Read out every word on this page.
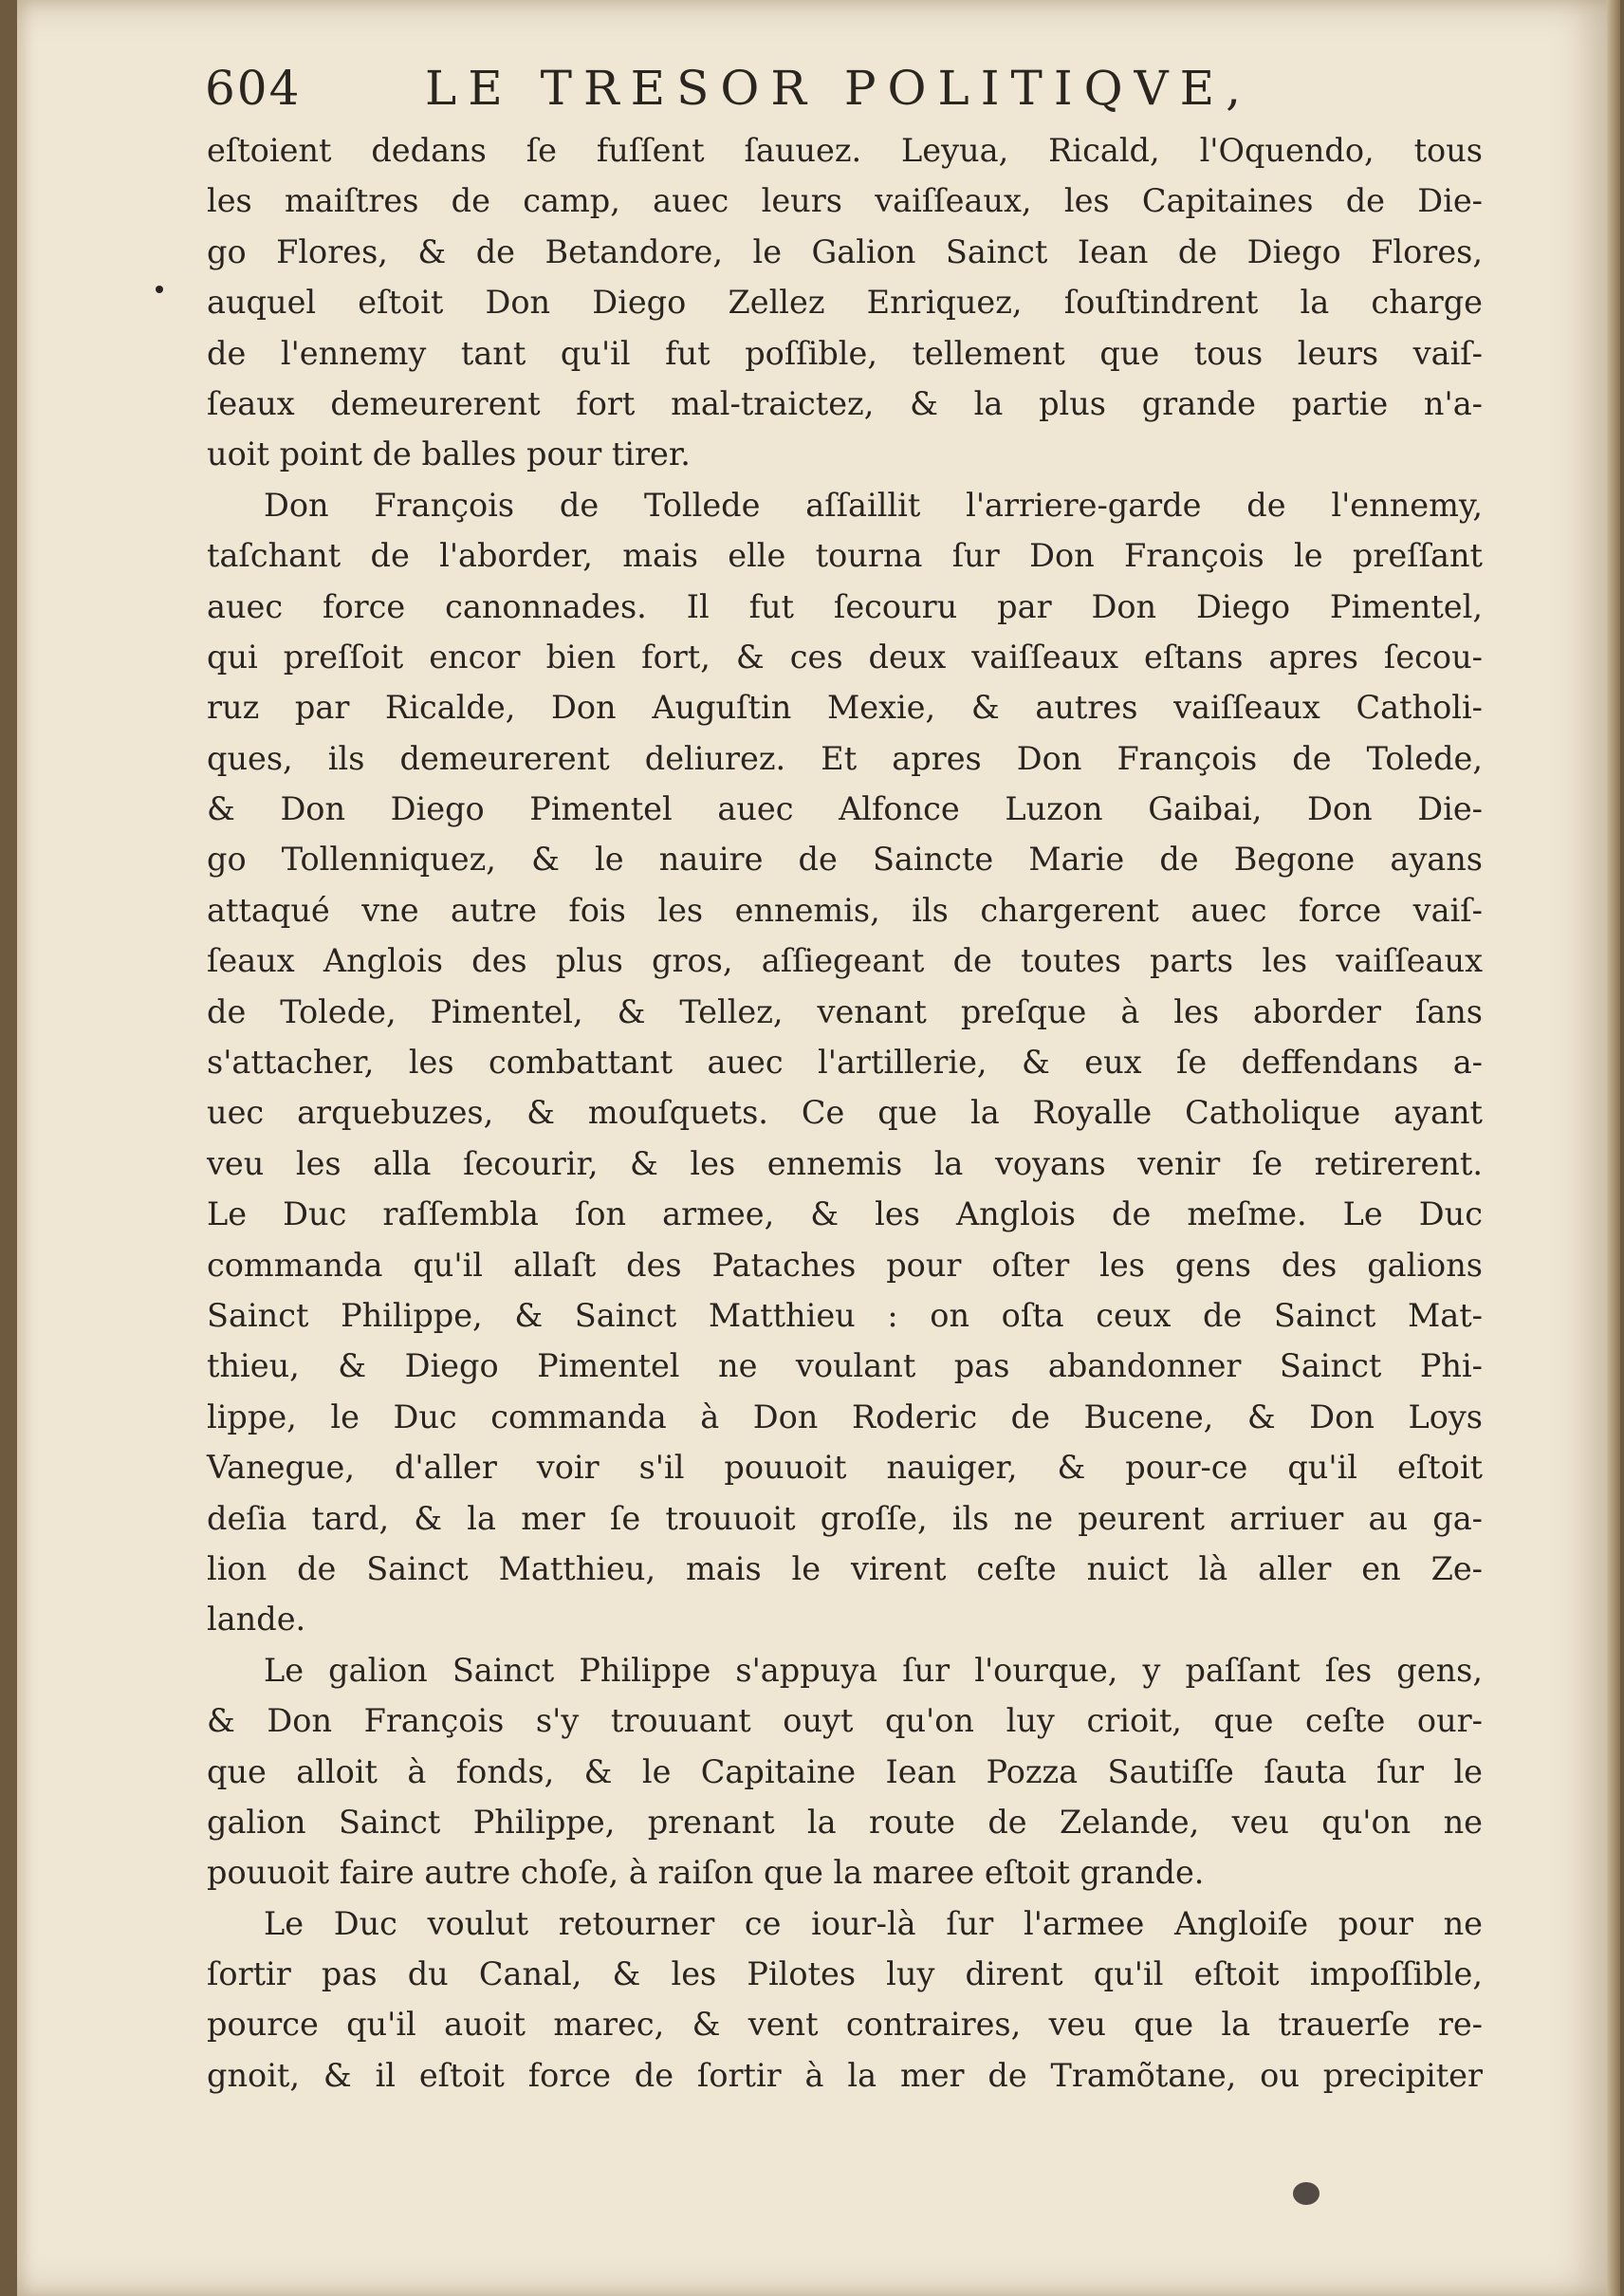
604	LE TRESOR POLITIQVE,
eſtoient dedans ſe fuſſent ſauuez. Leyua, Ricald, l'Oquendo, tous
les maiſtres de camp, auec leurs vaiſſeaux, les Capitaines de Die-
go Flores, & de Betandore, le Galion Sainct Iean de Diego Flores,
auquel eſtoit Don Diego Zellez Enriquez, ſouſtindrent la charge
de l'ennemy tant qu'il fut poſſible, tellement que tous leurs vaiſ-
ſeaux demeurerent fort mal-traictez, & la plus grande partie n'a-
uoit point de balles pour tirer.
Don François de Tollede aſſaillit l'arriere-garde de l'ennemy,
taſchant de l'aborder, mais elle tourna ſur Don François le preſſant
auec force canonnades. Il fut ſecouru par Don Diego Pimentel,
qui preſſoit encor bien fort, & ces deux vaiſſeaux eſtans apres ſecou-
ruz par Ricalde, Don Auguſtin Mexie, & autres vaiſſeaux Catholi-
ques, ils demeurerent deliurez. Et apres Don François de Tolede,
& Don Diego Pimentel auec Alfonce Luzon Gaibai, Don Die-
go Tollenniquez, & le nauire de Saincte Marie de Begone ayans
attaqué vne autre fois les ennemis, ils chargerent auec force vaiſ-
ſeaux Anglois des plus gros, aſſiegeant de toutes parts les vaiſſeaux
de Tolede, Pimentel, & Tellez, venant preſque à les aborder ſans
s'attacher, les combattant auec l'artillerie, & eux ſe deffendans a-
uec arquebuzes, & mouſquets. Ce que la Royalle Catholique ayant
veu les alla ſecourir, & les ennemis la voyans venir ſe retirerent.
Le Duc raſſembla ſon armee, & les Anglois de meſme. Le Duc
commanda qu'il allaſt des Pataches pour oſter les gens des galions
Sainct Philippe, & Sainct Matthieu : on oſta ceux de Sainct Mat-
thieu, & Diego Pimentel ne voulant pas abandonner Sainct Phi-
lippe, le Duc commanda à Don Roderic de Bucene, & Don Loys
Vanegue, d'aller voir s'il pouuoit nauiger, & pour-ce qu'il eſtoit
deſia tard, & la mer ſe trouuoit groſſe, ils ne peurent arriuer au ga-
lion de Sainct Matthieu, mais le virent ceſte nuict là aller en Ze-
lande.
Le galion Sainct Philippe s'appuya ſur l'ourque, y paſſant ſes gens,
& Don François s'y trouuant ouyt qu'on luy crioit, que ceſte our-
que alloit à fonds, & le Capitaine Iean Pozza Sautiſſe ſauta ſur le
galion Sainct Philippe, prenant la route de Zelande, veu qu'on ne
pouuoit faire autre choſe, à raiſon que la maree eſtoit grande.
Le Duc voulut retourner ce iour-là ſur l'armee Angloiſe pour ne
ſortir pas du Canal, & les Pilotes luy dirent qu'il eſtoit impoſſible,
pource qu'il auoit marec, & vent contraires, veu que la trauerſe re-
gnoit, & il eſtoit force de ſortir à la mer de Tramõtane, ou precipiter
